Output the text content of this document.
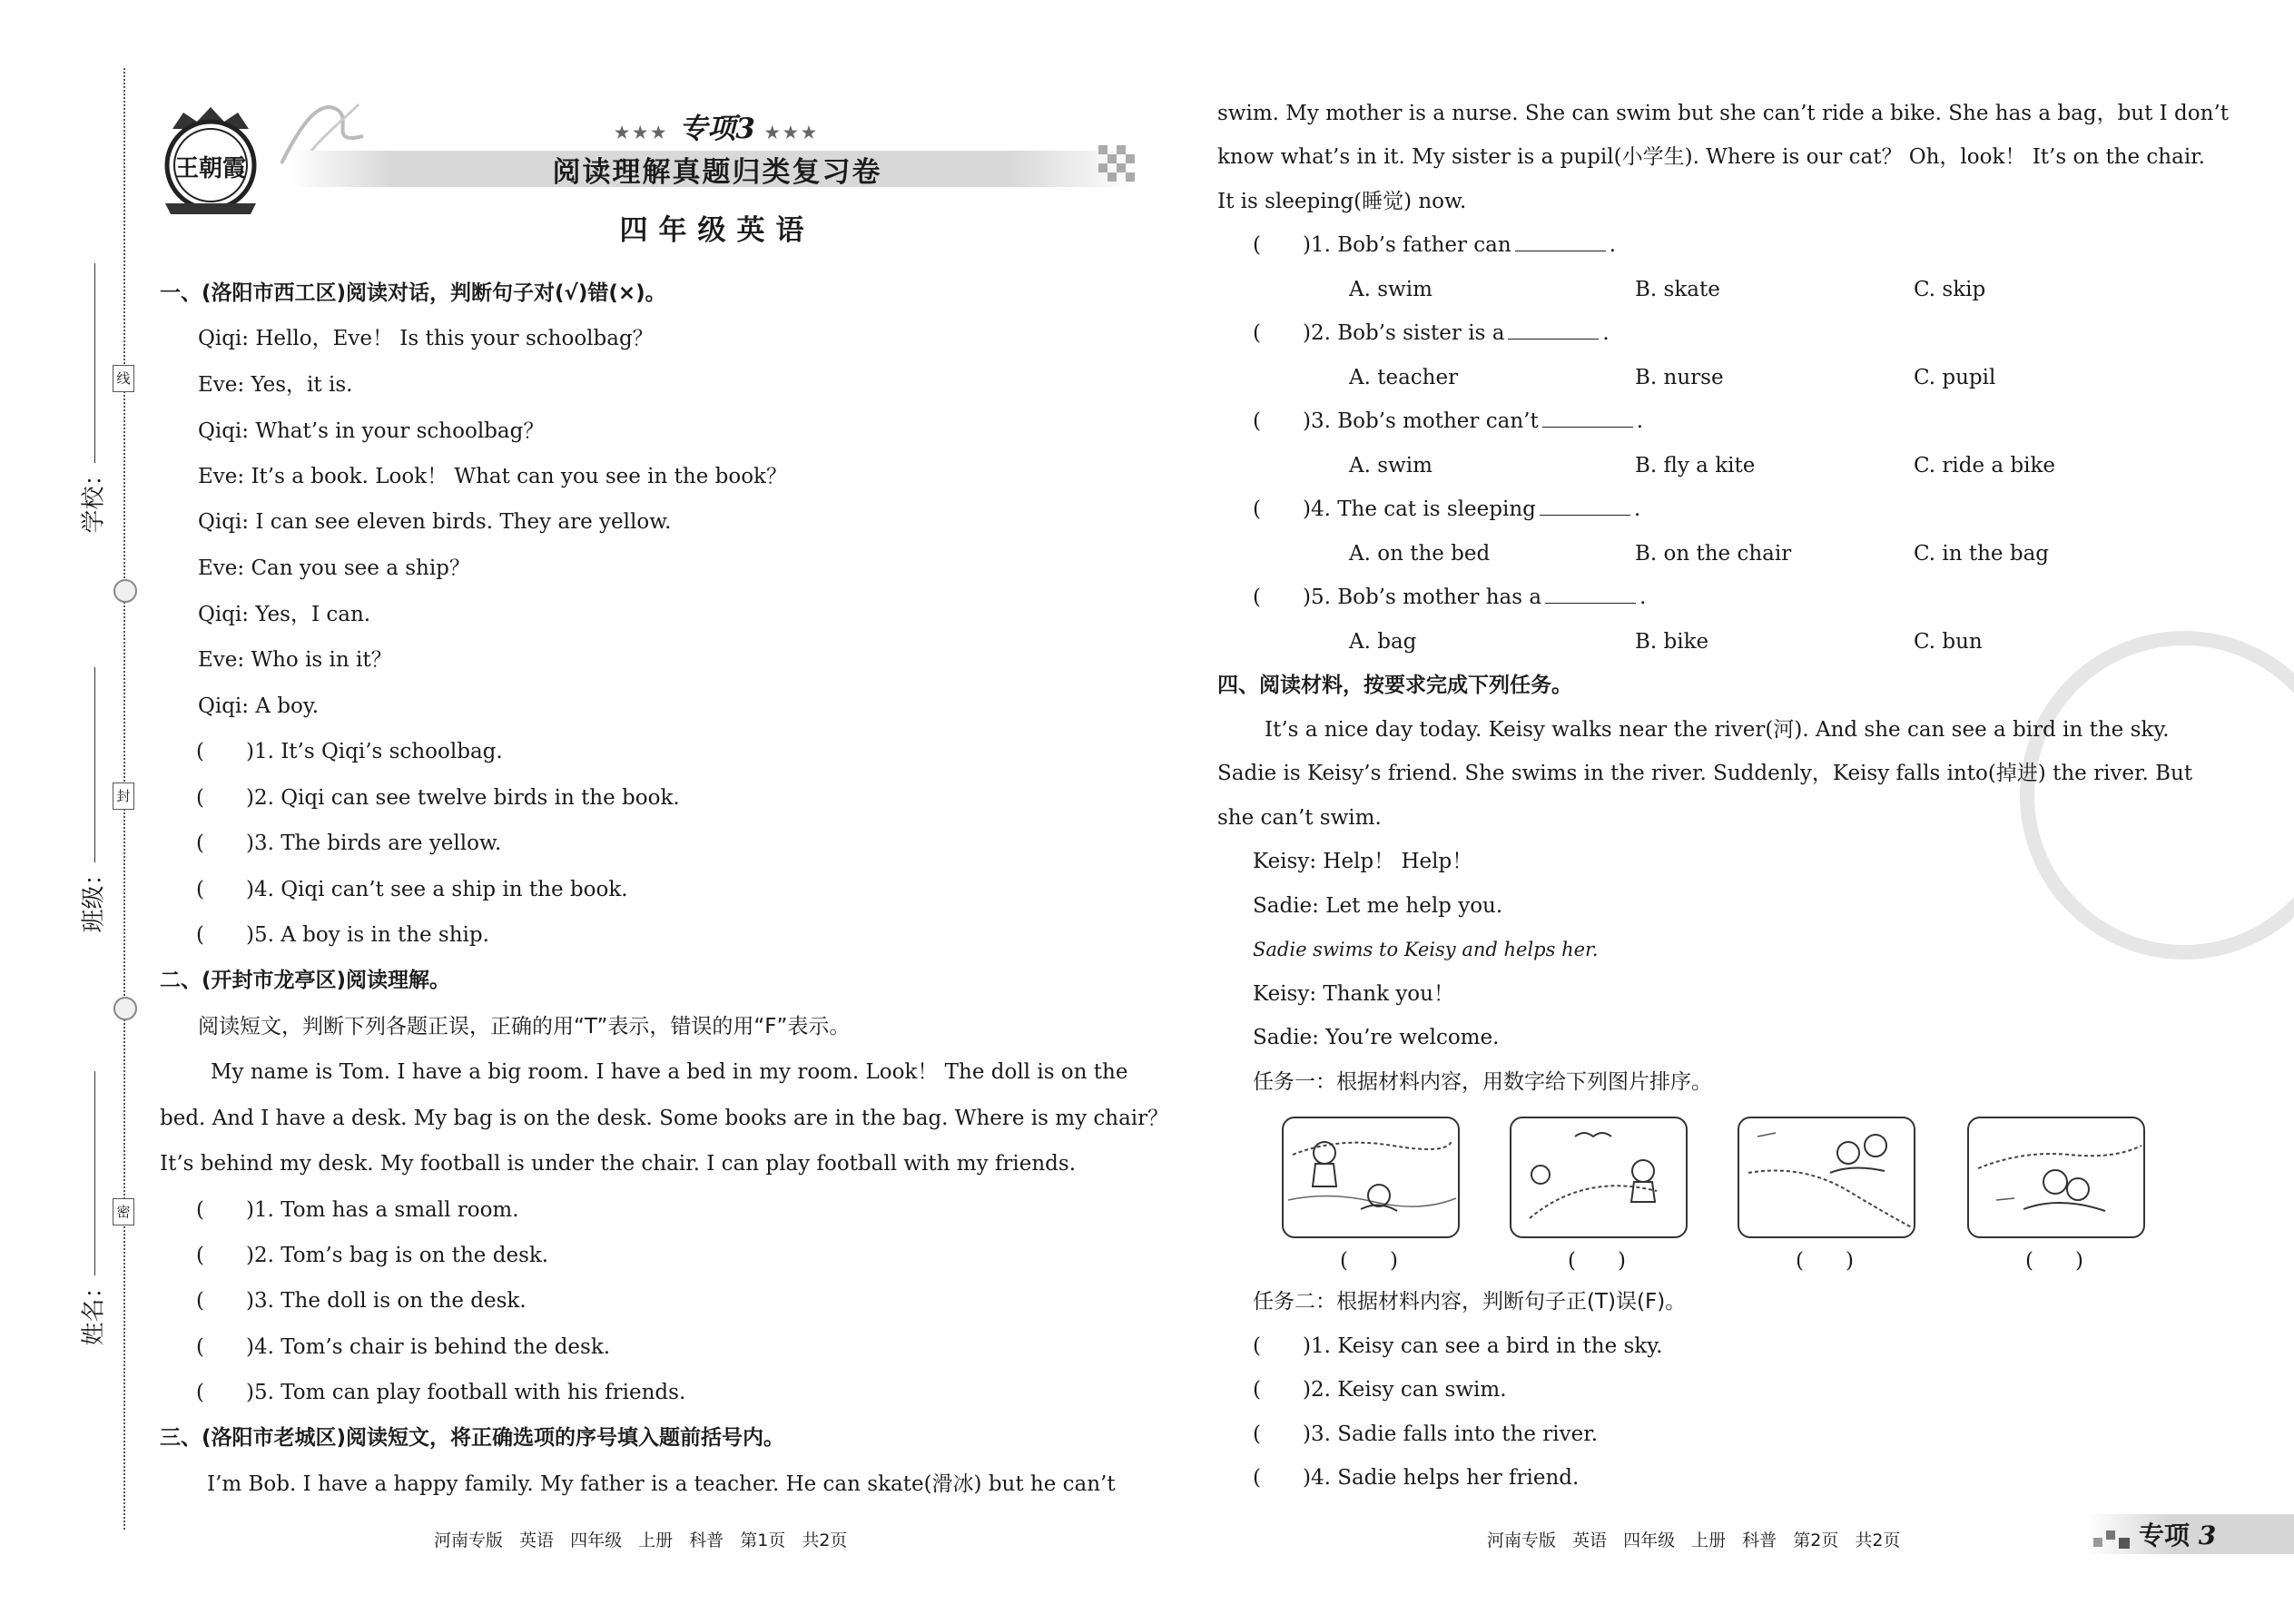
线
封
密
学校：
班级：
姓名：
王朝霞
★★★ 专项3 ★★★
阅读理解真题归类复习卷
四年级英语
一、(洛阳市西工区)阅读对话，判断句子对(√)错(×)。
Qiqi: Hello，Eve！ Is this your schoolbag？
Eve: Yes，it is.
Qiqi: What’s in your schoolbag？
Eve: It’s a book. Look！ What can you see in the book？
Qiqi: I can see eleven birds. They are yellow.
Eve: Can you see a ship？
Qiqi: Yes，I can.
Eve: Who is in it？
Qiqi: A boy.
(　　)1. It’s Qiqi’s schoolbag.
(　　)2. Qiqi can see twelve birds in the book.
(　　)3. The birds are yellow.
(　　)4. Qiqi can’t see a ship in the book.
(　　)5. A boy is in the ship.
二、(开封市龙亭区)阅读理解。
阅读短文，判断下列各题正误，正确的用“T”表示，错误的用“F”表示。
My name is Tom. I have a big room. I have a bed in my room. Look！ The doll is on the
bed. And I have a desk. My bag is on the desk. Some books are in the bag. Where is my chair？
It’s behind my desk. My football is under the chair. I can play football with my friends.
(　　)1. Tom has a small room.
(　　)2. Tom’s bag is on the desk.
(　　)3. The doll is on the desk.
(　　)4. Tom’s chair is behind the desk.
(　　)5. Tom can play football with his friends.
三、(洛阳市老城区)阅读短文，将正确选项的序号填入题前括号内。
I’m Bob. I have a happy family. My father is a teacher. He can skate(滑冰) but he can’t
河南专版 英语 四年级 上册 科普 第1页 共2页
swim. My mother is a nurse. She can swim but she can’t ride a bike. She has a bag，but I don’t
know what’s in it. My sister is a pupil(小学生). Where is our cat？ Oh，look！ It’s on the chair.
It is sleeping(睡觉) now.
(　　)1. Bob’s father can	.
A. swim	B. skate	C. skip
(　　)2. Bob’s sister is a	.
A. teacher	B. nurse	C. pupil
(　　)3. Bob’s mother can’t	.
A. swim	B. fly a kite	C. ride a bike
(　　)4. The cat is sleeping	.
A. on the bed	B. on the chair	C. in the bag
(　　)5. Bob’s mother has a	.
A. bag	B. bike	C. bun
四、阅读材料，按要求完成下列任务。
It’s a nice day today. Keisy walks near the river(河). And she can see a bird in the sky.
Sadie is Keisy’s friend. She swims in the river. Suddenly，Keisy falls into(掉进) the river. But
she can’t swim.
Keisy: Help！ Help！
Sadie: Let me help you.
Sadie swims to Keisy and helps her.
Keisy: Thank you！
Sadie: You’re welcome.
任务一：根据材料内容，用数字给下列图片排序。
(　　)	(　　)	(　　)	(　　)
任务二：根据材料内容，判断句子正(T)误(F)。
(　　)1. Keisy can see a bird in the sky.
(　　)2. Keisy can swim.
(　　)3. Sadie falls into the river.
(　　)4. Sadie helps her friend.
河南专版 英语 四年级 上册 科普 第2页 共2页	专项 3
